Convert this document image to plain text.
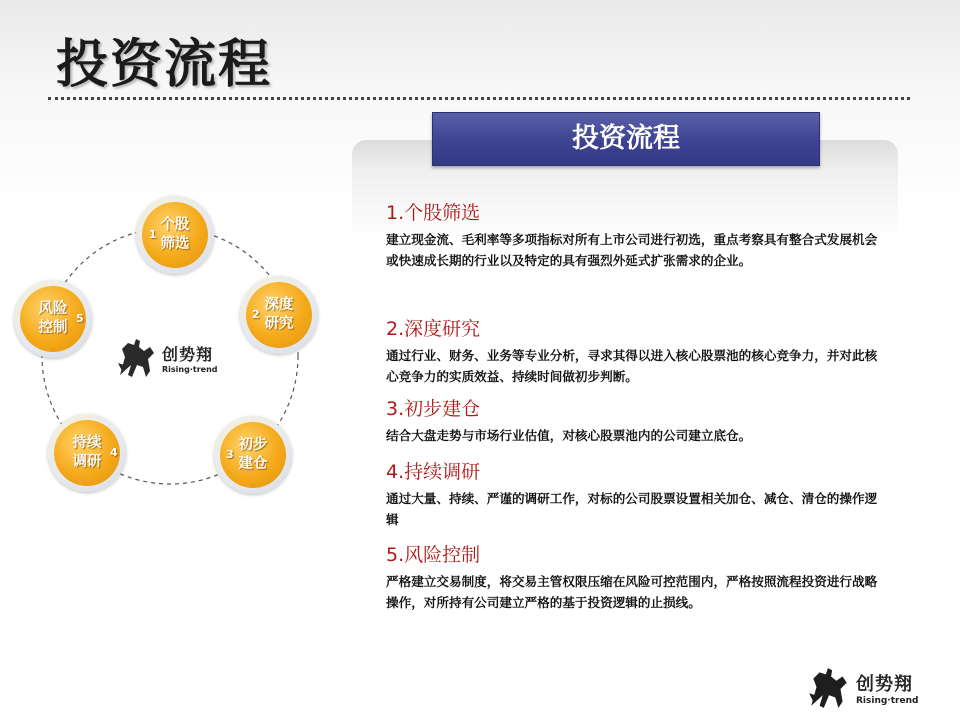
投资流程
个股
筛选
1
深度
研究
2
初步
建仓
3
持续
调研
4
风险
控制
5
创势翔
Rising·trend
投资流程
1.个股筛选
建立现金流、毛利率等多项指标对所有上市公司进行初选，重点考察具有整合式发展机会或快速成长期的行业以及特定的具有强烈外延式扩张需求的企业。
2.深度研究
通过行业、财务、业务等专业分析，寻求其得以进入核心股票池的核心竞争力，并对此核心竞争力的实质效益、持续时间做初步判断。
3.初步建仓
结合大盘走势与市场行业估值，对核心股票池内的公司建立底仓。
4.持续调研
通过大量、持续、严谨的调研工作，对标的公司股票设置相关加仓、减仓、清仓的操作逻辑
5.风险控制
严格建立交易制度，将交易主管权限压缩在风险可控范围内，严格按照流程投资进行战略操作，对所持有公司建立严格的基于投资逻辑的止损线。
创势翔
Rising·trend
